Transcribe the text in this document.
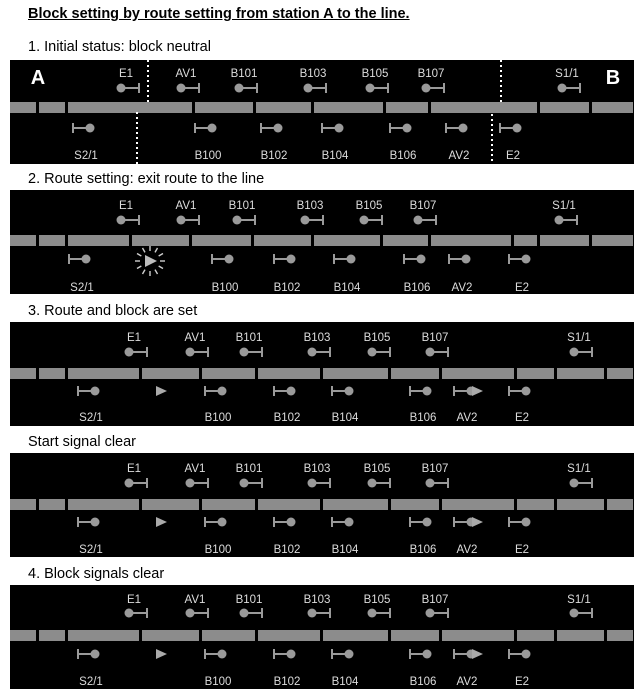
Block setting by route setting from station A to the line.
1. Initial status: block neutral
E1	AV1	B101	B103	B105	B107	S1/1
S2/1	B100	B102	B104	B106	AV2	E2
A	B
2. Route setting: exit route to the line
E1	AV1	B101	B103	B105 B107	S1/1
S2/1	B100	B102	B104	B106 AV2	E2
3. Route and block are set
E1	AV1	B101	B103	B105	B107	S1/1
S2/1	B100	B102	B104	B106 AV2	E2
Start signal clear
E1	AV1	B101	B103	B105	B107	S1/1
S2/1	B100	B102	B104	B106 AV2	E2
4. Block signals clear
E1	AV1	B101	B103	B105	B107	S1/1
S2/1	B100	B102	B104	B106 AV2	E2
